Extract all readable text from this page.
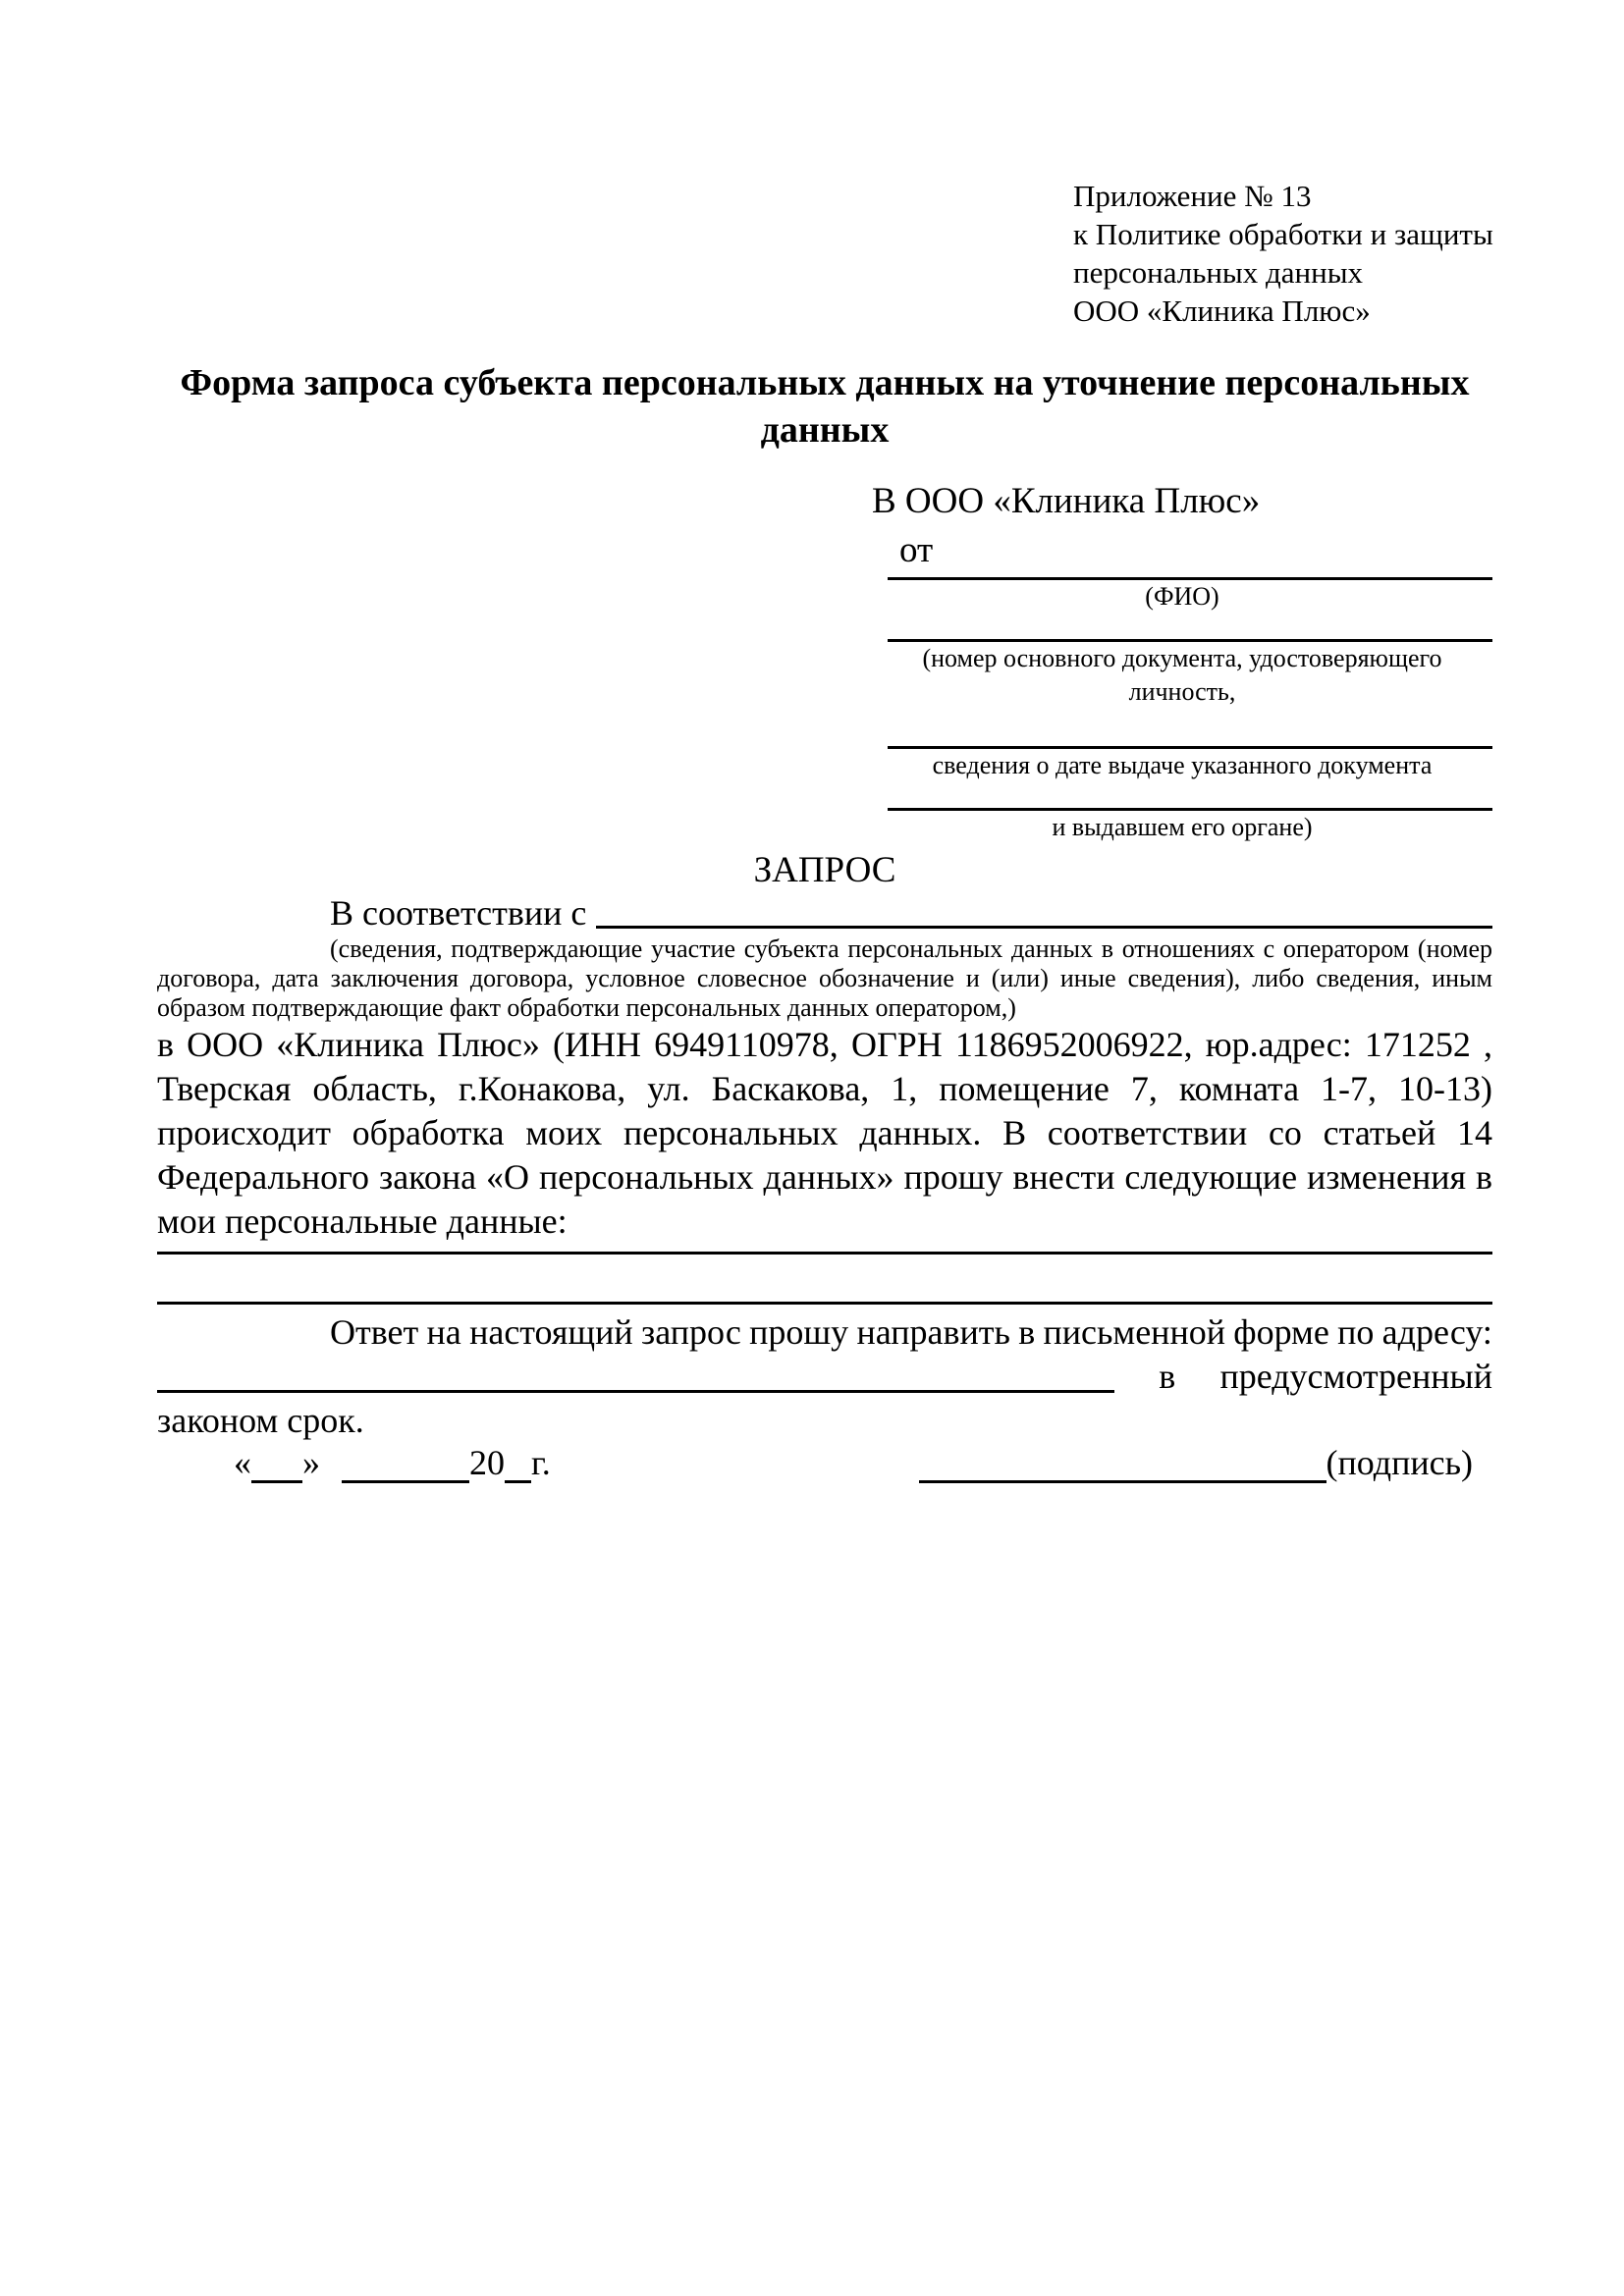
Приложение № 13
к Политике обработки и защиты
персональных данных
ООО «Клиника Плюс»
Форма запроса субъекта персональных данных на уточнение персональных данных
В ООО «Клиника Плюс»
от
(ФИО)
(номер основного документа, удостоверяющего личность,
сведения о дате выдаче указанного документа
и выдавшем его органе)
ЗАПРОС
В соответствии с
(сведения, подтверждающие участие субъекта персональных данных в отношениях с оператором (номер договора, дата заключения договора, условное словесное обозначение и (или) иные сведения), либо сведения, иным образом подтверждающие факт обработки персональных данных оператором,)
в ООО «Клиника Плюс» (ИНН 6949110978, ОГРН 1186952006922, юр.адрес: 171252 , Тверская область, г.Конакова, ул. Баскакова, 1, помещение 7, комната 1-7, 10-13) происходит обработка моих персональных данных. В соответствии со статьей 14 Федерального закона «О персональных данных» прошу внести следующие изменения в мои персональные данные:
Ответ на настоящий запрос прошу направить в письменной форме по адресу:
в предусмотренный
законом срок.
« »	20 г.	(подпись)
